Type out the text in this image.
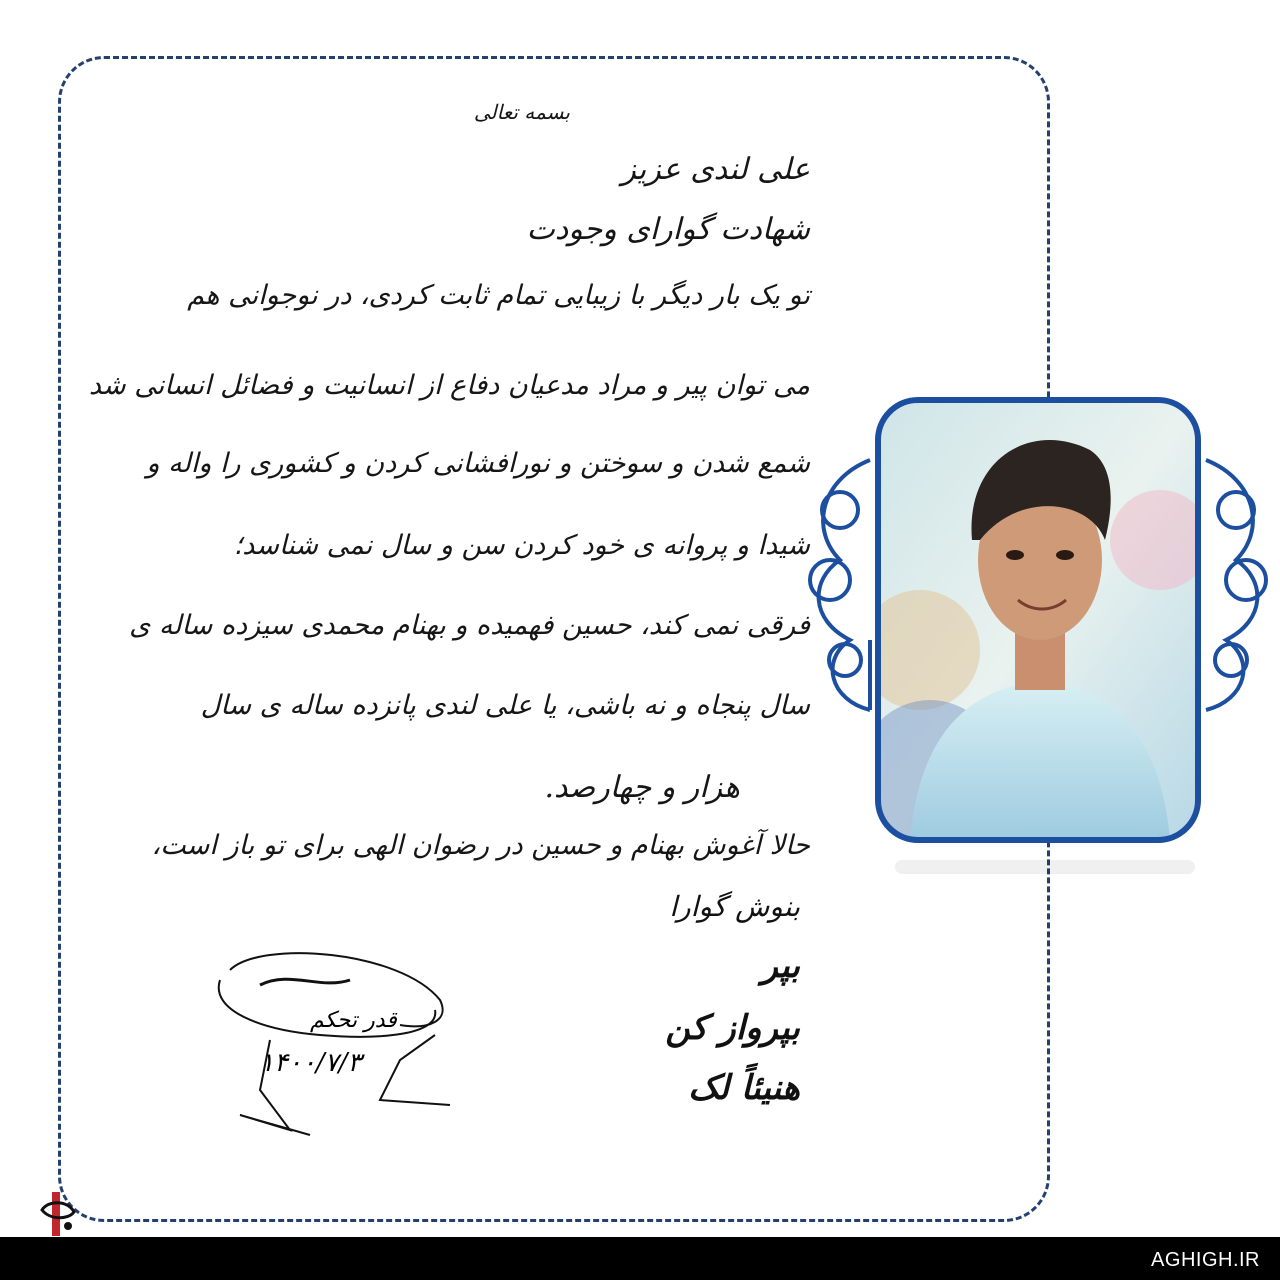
بسمه تعالی
علی لندی عزیز
شهادت گوارای وجودت
تو یک بار دیگر با زیبایی تمام ثابت کردی، در نوجوانی هم
می توان پیر و مراد مدعیان دفاع از انسانیت و فضائل انسانی شد
شمع شدن و سوختن و نورافشانی کردن و کشوری را واله و
شیدا و پروانه ی خود کردن سن و سال نمی شناسد؛
فرقی نمی کند، حسین فهمیده و بهنام محمدی سیزده ساله ی
سال پنجاه و نه باشی، یا علی لندی پانزده ساله ی سال
هزار و چهارصد.
حالا آغوش بهنام و حسین در رضوان الهی برای تو باز است،
بنوش گوارا
بپر
بپرواز کن
هنیئاً لک
قدر تحکم
۱۴۰۰/۷/۳
AGHIGH.IR
